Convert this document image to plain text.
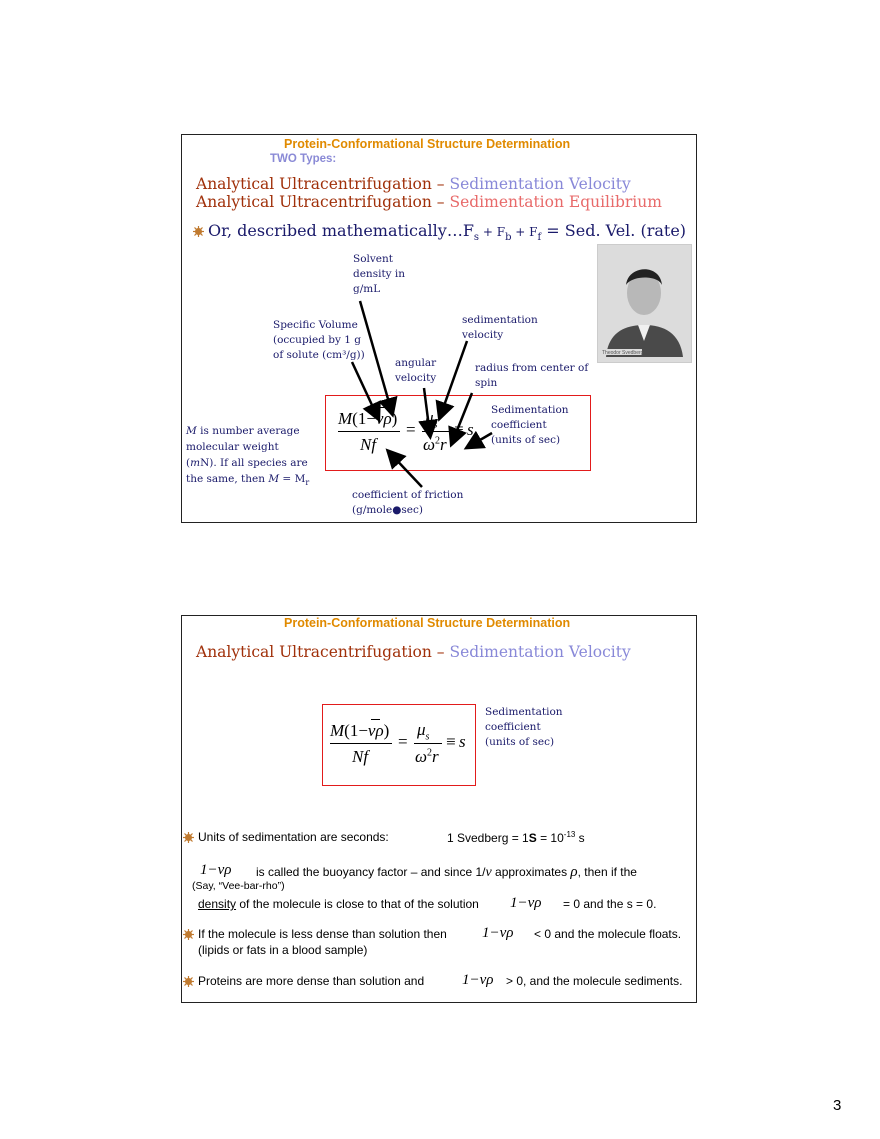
Protein-Conformational Structure Determination
TWO Types:
Analytical Ultracentrifugation – Sedimentation Velocity
Analytical Ultracentrifugation – Sedimentation Equilibrium
Or, described $mathematically\dots F_s + F_b + F_f$ = Sed. Vel. (rate)
Theodor Svedberg
Solvent
density in
g/mL
Specific Volume
(occupied by 1 g
of solute (cm³/g))
angular
velocity
sedimentation
velocity
radius from center of
spin
Sedimentation
coefficient
(units of sec)
coefficient of friction
(g/mole●sec)
M is number average
molecular weight
(mN). If all species are
the same, then $M = M_r$
M(1−νρ)
Nf
=
$\mu_s$
$\omega^2r$
≡ s
Protein-Conformational Structure Determination
Analytical Ultracentrifugation – Sedimentation Velocity
M(1−νρ)
Nf
=
$\mu_s$
$\omega^2r$
≡ s
Sedimentation
coefficient
(units of sec)
Units of sedimentation are seconds:	1 Svedberg = $1S = 10^{-13}$ s
1−νρ is called the buoyancy factor – and since 1/ν approximates ρ, then if the
(Say, “Vee-bar-rho”)
density of the molecule is close to that of the solution 1−νρ = 0 and the s = 0.
If the molecule is less dense than solution then 1−νρ < 0 and the molecule floats.
(lipids or fats in a blood sample)
Proteins are more dense than solution and	1−νρ > 0, and the molecule sediments.
3
